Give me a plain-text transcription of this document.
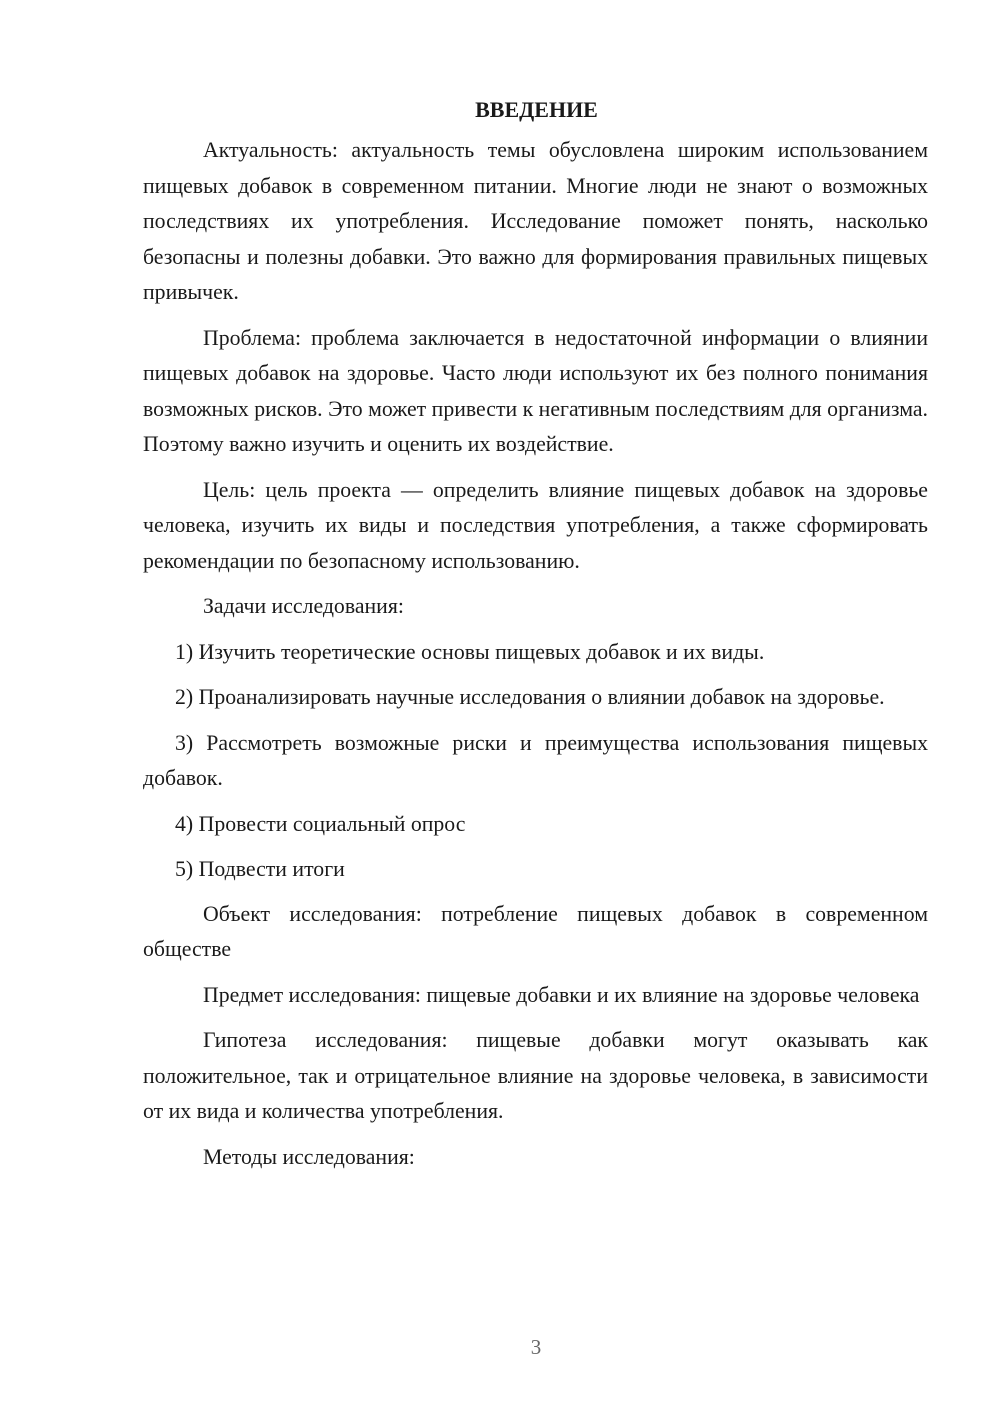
ВВЕДЕНИЕ

Актуальность: актуальность темы обусловлена широким использованием пищевых добавок в современном питании. Многие люди не знают о возможных последствиях их употребления. Исследование поможет понять, насколько безопасны и полезны добавки. Это важно для формирования правильных пищевых привычек.

Проблема: проблема заключается в недостаточной информации о влиянии пищевых добавок на здоровье. Часто люди используют их без полного понимания возможных рисков. Это может привести к негативным последствиям для организма. Поэтому важно изучить и оценить их воздействие.

Цель: цель проекта — определить влияние пищевых добавок на здоровье человека, изучить их виды и последствия употребления, а также сформировать рекомендации по безопасному использованию.

Задачи исследования:

1) Изучить теоретические основы пищевых добавок и их виды.

2) Проанализировать научные исследования о влиянии добавок на здоровье.

3) Рассмотреть возможные риски и преимущества использования пищевых добавок.

4) Провести социальный опрос

5) Подвести итоги

Объект исследования: потребление пищевых добавок в современном обществе

Предмет исследования: пищевые добавки и их влияние на здоровье человека

Гипотеза исследования: пищевые добавки могут оказывать как положительное, так и отрицательное влияние на здоровье человека, в зависимости от их вида и количества употребления.

Методы исследования:

3
